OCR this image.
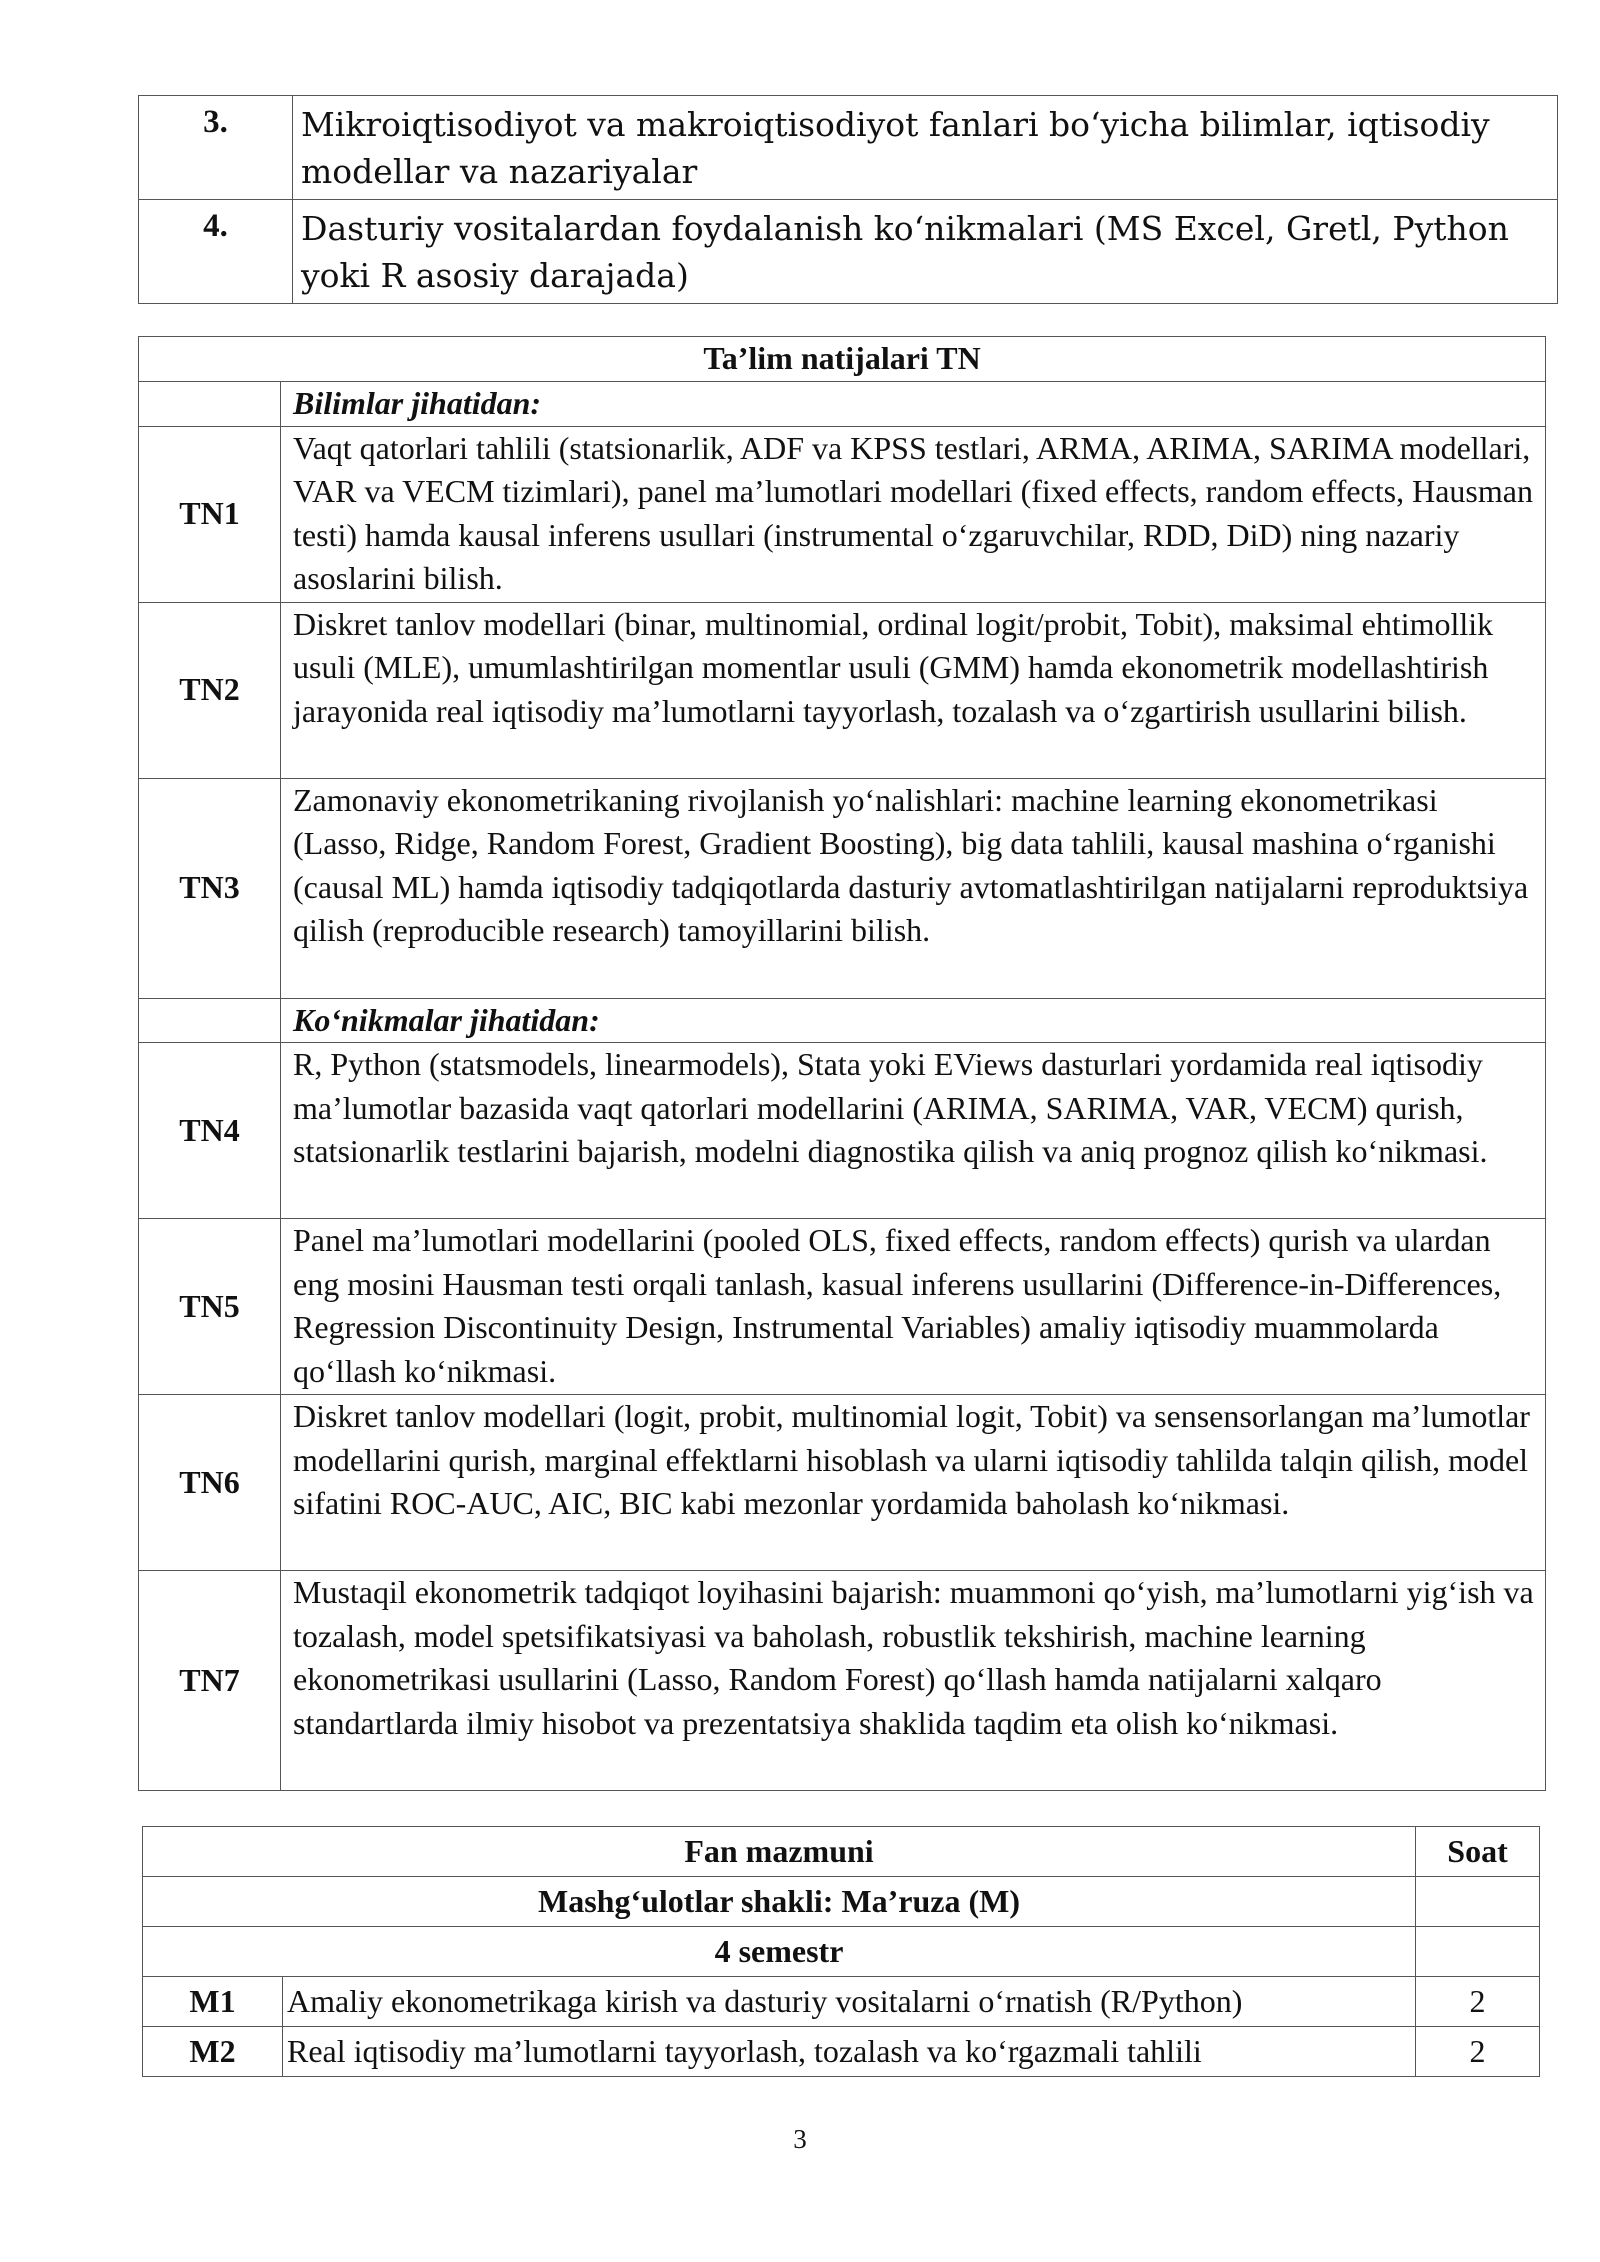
3.	Mikroiqtisodiyot va makroiqtisodiyot fanlari bo‘yicha bilimlar, iqtisodiy modellar va nazariyalar
4.	Dasturiy vositalardan foydalanish ko‘nikmalari (MS Excel, Gretl, Python yoki R asosiy darajada)
Ta’lim natijalari TN	
	Bilimlar jihatidan:
TN1	Vaqt qatorlari tahlili (statsionarlik, ADF va KPSS testlari, ARMA, ARIMA, SARIMA modellari, VAR va VECM tizimlari), panel ma’lumotlari modellari (fixed effects, random effects, Hausman testi) hamda kausal inferens usullari (instrumental o‘zgaruvchilar, RDD, DiD) ning nazariy asoslarini bilish.
TN2	Diskret tanlov modellari (binar, multinomial, ordinal logit/probit, Tobit), maksimal ehtimollik usuli (MLE), umumlashtirilgan momentlar usuli (GMM) hamda ekonometrik modellashtirish jarayonida real iqtisodiy ma’lumotlarni tayyorlash, tozalash va o‘zgartirish usullarini bilish.
TN3	Zamonaviy ekonometrikaning rivojlanish yo‘nalishlari: machine learning ekonometrikasi (Lasso, Ridge, Random Forest, Gradient Boosting), big data tahlili, kausal mashina o‘rganishi (causal ML) hamda iqtisodiy tadqiqotlarda dasturiy avtomatlashtirilgan natijalarni reproduktsiya qilish (reproducible research) tamoyillarini bilish.
	Ko‘nikmalar jihatidan:
TN4	R, Python (statsmodels, linearmodels), Stata yoki EViews dasturlari yordamida real iqtisodiy ma’lumotlar bazasida vaqt qatorlari modellarini (ARIMA, SARIMA, VAR, VECM) qurish, statsionarlik testlarini bajarish, modelni diagnostika qilish va aniq prognoz qilish ko‘nikmasi.
TN5	Panel ma’lumotlari modellarini (pooled OLS, fixed effects, random effects) qurish va ulardan eng mosini Hausman testi orqali tanlash, kasual inferens usullarini (Difference-in-Differences, Regression Discontinuity Design, Instrumental Variables) amaliy iqtisodiy muammolarda qo‘llash ko‘nikmasi.
TN6	Diskret tanlov modellari (logit, probit, multinomial logit, Tobit) va sensensorlangan ma’lumotlar modellarini qurish, marginal effektlarni hisoblash va ularni iqtisodiy tahlilda talqin qilish, model sifatini ROC-AUC, AIC, BIC kabi mezonlar yordamida baholash ko‘nikmasi.
TN7	Mustaqil ekonometrik tadqiqot loyihasini bajarish: muammoni qo‘yish, ma’lumotlarni yig‘ish va tozalash, model spetsifikatsiyasi va baholash, robustlik tekshirish, machine learning ekonometrikasi usullarini (Lasso, Random Forest) qo‘llash hamda natijalarni xalqaro standartlarda ilmiy hisobot va prezentatsiya shaklida taqdim eta olish ko‘nikmasi.
Fan mazmuni		Soat
Mashg‘ulotlar shakli: Ma’ruza (M)		
4 semestr		
M1	Amaliy ekonometrikaga kirish va dasturiy vositalarni o‘rnatish (R/Python)	2
M2	Real iqtisodiy ma’lumotlarni tayyorlash, tozalash va ko‘rgazmali tahlili	2
3
